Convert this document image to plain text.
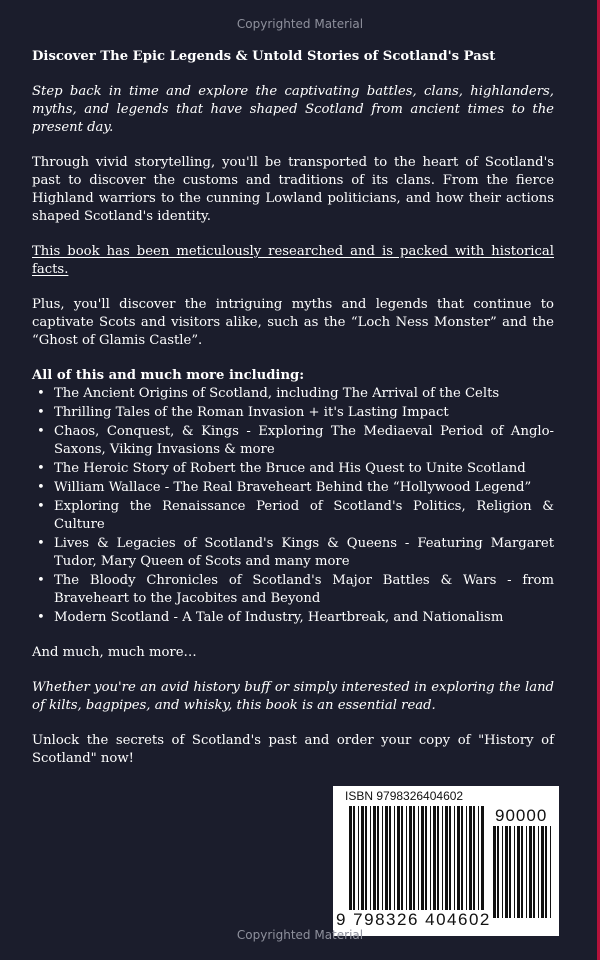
Copyrighted Material
Discover The Epic Legends & Untold Stories of Scotland's Past

Step back in time and explore the captivating battles, clans, highlanders, myths, and legends that have shaped Scotland from ancient times to the present day.

Through vivid storytelling, you'll be transported to the heart of Scotland's past to discover the customs and traditions of its clans. From the fierce Highland warriors to the cunning Lowland politicians, and how their actions shaped Scotland's identity.

This book has been meticulously researched and is packed with historical facts.

Plus, you'll discover the intriguing myths and legends that continue to captivate Scots and visitors alike, such as the “Loch Ness Monster” and the “Ghost of Glamis Castle”.

All of this and much more including:
• The Ancient Origins of Scotland, including The Arrival of the Celts
• Thrilling Tales of the Roman Invasion + it's Lasting Impact
• Chaos, Conquest, & Kings - Exploring The Mediaeval Period of Anglo-Saxons, Viking Invasions & more
• The Heroic Story of Robert the Bruce and His Quest to Unite Scotland
• William Wallace - The Real Braveheart Behind the “Hollywood Legend”
• Exploring the Renaissance Period of Scotland's Politics, Religion & Culture
• Lives & Legacies of Scotland's Kings & Queens - Featuring Margaret Tudor, Mary Queen of Scots and many more
• The Bloody Chronicles of Scotland's Major Battles & Wars - from Braveheart to the Jacobites and Beyond
• Modern Scotland - A Tale of Industry, Heartbreak, and Nationalism

And much, much more…

Whether you're an avid history buff or simply interested in exploring the land of kilts, bagpipes, and whisky, this book is an essential read.

Unlock the secrets of Scotland's past and order your copy of "History of Scotland" now!

ISBN 9798326404602
90000
9 798326 404602
Copyrighted Material
